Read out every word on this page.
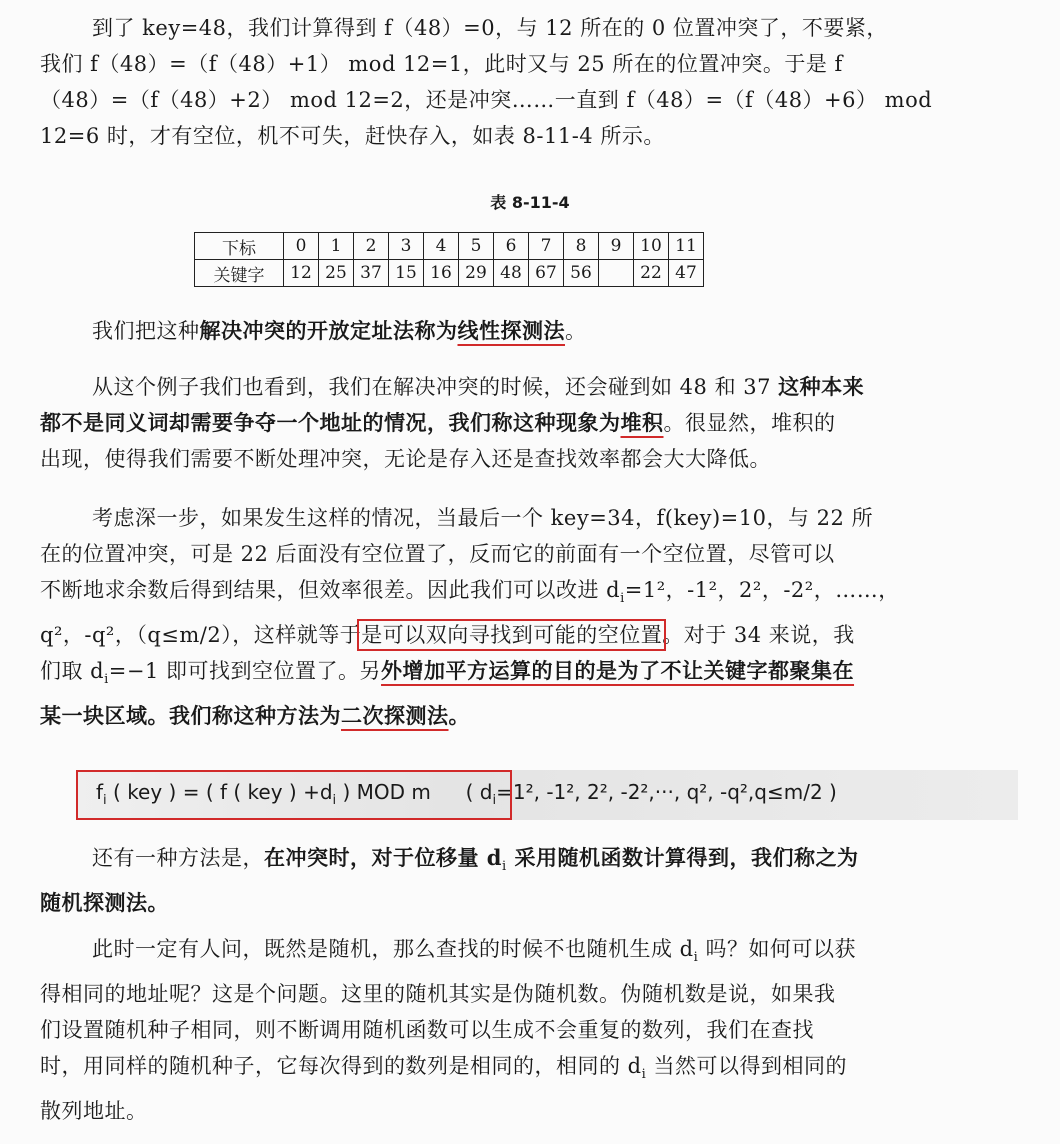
到了 key=48，我们计算得到 f（48）=0，与 12 所在的 0 位置冲突了，不要紧，
我们 f（48）=（f（48）+1） mod 12=1，此时又与 25 所在的位置冲突。于是 f
（48）=（f（48）+2） mod 12=2，还是冲突……一直到 f（48）=（f（48）+6） mod
12=6 时，才有空位，机不可失，赶快存入，如表 8-11-4 所示。
表 8-11-4
下标	0	1	2	3	4	5	6	7	8	9	10	11
关键字	12	25	37	15	16	29	48	67	56		22	47
我们把这种解决冲突的开放定址法称为线性探测法。
从这个例子我们也看到，我们在解决冲突的时候，还会碰到如 48 和 37 这种本来
都不是同义词却需要争夺一个地址的情况，我们称这种现象为堆积。很显然，堆积的
出现，使得我们需要不断处理冲突，无论是存入还是查找效率都会大大降低。
考虑深一步，如果发生这样的情况，当最后一个 key=34，f(key)=10，与 22 所
在的位置冲突，可是 22 后面没有空位置了，反而它的前面有一个空位置，尽管可以
不断地求余数后得到结果，但效率很差。因此我们可以改进 $d_i=1^2$，-1²，2²，-2²，……，
q²，-q²，（q≤m/2），这样就等于是可以双向寻找到可能的空位置。对于 34 来说，我
们取 $d_i=-1$ 即可找到空位置了。另外增加平方运算的目的是为了不让关键字都聚集在
某一块区域。我们称这种方法为二次探测法。
$f_i$ ( key ) = ( f ( key ) $+d_i$ ) MOD m ( $d_i=1^2$, -1², 2², -2²,···, q², -q²,q≤m/2 )
还有一种方法是，在冲突时，对于位移量 $d_i$ 采用随机函数计算得到，我们称之为
随机探测法。
此时一定有人问，既然是随机，那么查找的时候不也随机生成 $d_i$ 吗？如何可以获
得相同的地址呢？这是个问题。这里的随机其实是伪随机数。伪随机数是说，如果我
们设置随机种子相同，则不断调用随机函数可以生成不会重复的数列，我们在查找
时，用同样的随机种子，它每次得到的数列是相同的，相同的 $d_i$ 当然可以得到相同的
散列地址。
